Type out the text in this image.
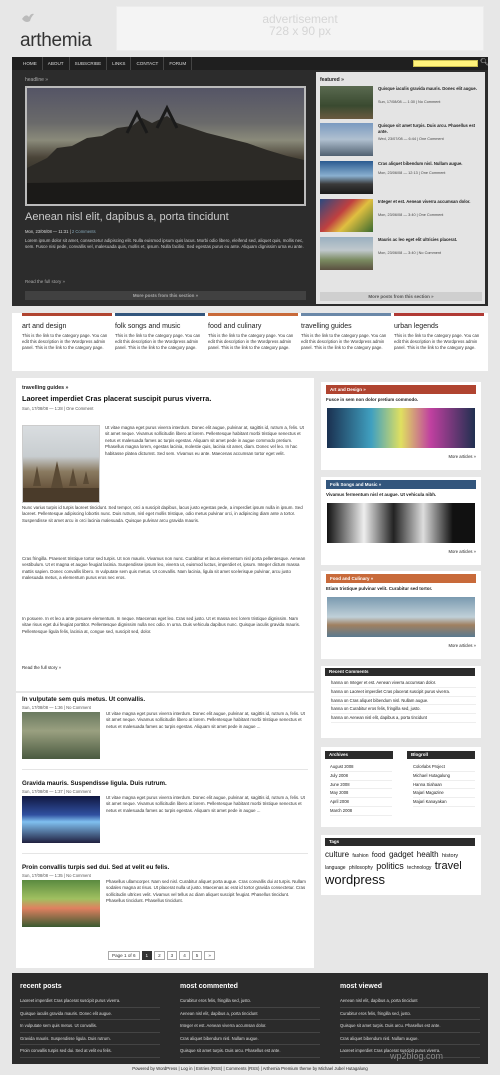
arthemia
advertisement
728 x 90 px
HOME	ABOUT	SUBSCRIBE	LINKS	CONTACT	FORUM	🔍︎
headline »
Aenean nisl elit, dapibus a, porta tincidunt
Mon, 23/06/08 — 11:31 | 2 Comments
Lorem ipsum dolor sit amet, consectetur adipiscing elit. Nulla euismod ipsum quis lacus. Morbi odio libero, eleifend sed, aliquet quis, mollis nec, sem. Fusce nisi pede, convallis vel, malesuada quis, mollis et, ipsum. Nulla facilisi. Sed egestas purus eu ante. Aliquam dignissim urna eu ante.
Read the full story »
More posts from this section »
featured »
Quisque iaculis gravida mauris. Donec elit augue.
Sun, 17/08/08 — 1:30 | No Comment
Quisque sit amet turpis. Duis arcu. Phasellus est ante.
Wed, 23/07/08 — 6:44 | One Comment
Cras aliquet bibendum nisl. Nullam augue.
Mon, 23/06/08 — 12:13 | One Comment
Integer et est. Aenean viverra accumsan dolor.
Mon, 23/06/08 — 3:40 | One Comment
Mauris ac leo eget elit ultricies placerat.
Mon, 23/06/08 — 3:40 | No Comment
More posts from this section »
art and design
This is the link to the category page. You can edit this description in the Wordpress admin panel. This is the link to the category page.
folk songs and music
This is the link to the category page. You can edit this description in the Wordpress admin panel. This is the link to the category page.
food and culinary
This is the link to the category page. You can edit this description in the Wordpress admin panel. This is the link to the category page.
travelling guides
This is the link to the category page. You can edit this description in the Wordpress admin panel. This is the link to the category page.
urban legends
This is the link to the category page. You can edit this description in the Wordpress admin panel. This is the link to the category page.
travelling guides »
Laoreet imperdiet Cras placerat suscipit purus viverra.
Sun, 17/08/08 — 1:28 | One Comment
Ut vitae magna eget purus viverra interdum. Donec elit augue, pulvinar at, sagittis id, rutrum a, felis. Ut sit amet neque. Vivamus sollicitudin libero at lorem. Pellentesque habitant morbi tristique senectus et netus et malesuada fames ac turpis egestas. Aliquam sit amet pede in augue commodo pretium. Phasellus magna lorem, egestas lacinia, molestie quis, lacinia sit amet, diam. Donec vel leo. In hac habitasse platea dictumst. Sed sem. Vivamus eu ante. Maecenas accumsan tortor eget velit.
Nunc varius turpis id turpis laoreet tincidunt. Sed tempor, orci a suscipit dapibus, lacus justo egestas pede, a imperdiet ipsum nulla in ipsum. Sed laoreet. Pellentesque adipiscing lobortis nunc. Duis rutrum, nisl eget mollis tristique, odio metus pulvinar orci, in adipiscing diam ante a tortor. Suspendisse sit amet arcu in orci lacinia malesuada. Quisque pulvinar arcu gravida mauris.
Cras fringilla. Praesent tristique tortor sed turpis. Ut non mauris. Vivamus non nunc. Curabitur et lacus elementum nisl porta pellentesque. Aenean vestibulum. Ut et magna et augue feugiat lacinia. Suspendisse ipsum leo, viverra ut, euismod luctus, imperdiet et, ipsum. Integer dictum massa mattis sapien. Donec convallis libero. In vulputate sem quis metus. Ut convallis. Nam lacinia, ligula sit amet scelerisque pulvinar, arcu justo malesuada metus, a elementum purus eros nec eros.
In posuere. In et leo a ante posuere elementum. In neque. Maecenas eget leo. Cras sed justo. Ut et massa nec lorem tristique dignissim. Nam vitae risus eget dui feugiat porttitor. Pellentesque dignissim nulla nec odio. In urna. Duis vehicula dapibus nunc. Quisque iaculis gravida mauris. Pellentesque ligula felis, lacinia at, congue sed, suscipit sed, dolor.
Read the full story »
In vulputate sem quis metus. Ut convallis.
Sun, 17/08/08 — 1:36 | No Comment
Ut vitae magna eget purus viverra interdum. Donec elit augue, pulvinar at, sagittis id, rutrum a, felis. Ut sit amet neque. Vivamus sollicitudin libero at lorem. Pellentesque habitant morbi tristique senectus et netus et malesuada fames ac turpis egestas. Aliquam sit amet pede in augue ...
Gravida mauris. Suspendisse ligula. Duis rutrum.
Sun, 17/08/08 — 1:37 | No Comment
Ut vitae magna eget purus viverra interdum. Donec elit augue, pulvinar at, sagittis id, rutrum a, felis. Ut sit amet neque. Vivamus sollicitudin libero at lorem. Pellentesque habitant morbi tristique senectus et netus et malesuada fames ac turpis egestas. Aliquam sit amet pede in augue ...
Proin convallis turpis sed dui. Sed at velit eu felis.
Sun, 17/08/08 — 1:35 | No Comment
Phasellus ullamcorper. Nam sed nisl. Curabitur aliquet porta augue. Cras convallis dui at turpis. Nullam sodales magna at risus. Ut placerat nulla ut justo. Maecenas ac erat id tortor gravida consectetur. Cras sollicitudin ultrices velit. Vivamus vel tellus ac diam aliquet suscipit feugiat. Phasellus tincidunt. Phasellus tincidunt. Phasellus tincidunt.
Page 1 of 6	1	2	3	4	5	»
Art and Design »
Fusce in sem non dolor pretium commodo.
More articles »
Folk Songs and Music »
Vivamus fermentum nisl et augue. Ut vehicula nibh.
More articles »
Food and Culinary »
Etiam tristique pulvinar velit. Curabitur sed tortor.
More articles »
Recent Comments
hanna on Integer et est. Aenean viverra accumsan dolor.
hanna on Laoreet imperdiet Cras placerat suscipit purus viverra.
hanna on Cras aliquet bibendum nisl. Nullam augue.
hanna on Curabitur eros felis, fringilla sed, justo.
hanna on Aenean nisl elit, dapibus a, porta tincidunt
Archives	Blogroll
August 2008
July 2008
June 2008
May 2008
April 2008
March 2008
Colorlabs Project
Michael Hutagalung
Hanna Siahaan
Majari Magazine
Majari Kanayakan
Tags
culture fashion food gadget health history language philosophy politics technology travel wordpress
recent posts
Laoreet imperdiet Cras placerat suscipit purus viverra.
Quisque iaculis gravida mauris. Donec elit augue.
In vulputate sem quis metus. Ut convallis.
Gravida mauris. Suspendisse ligula. Duis rutrum.
Proin convallis turpis sed dui. Sed at velit eu felis.
most commented
Curabitur eros felis, fringilla sed, justo.
Aenean nisl elit, dapibus a, porta tincidunt
Integer et est. Aenean viverra accumsan dolor.
Cras aliquet bibendum nisl. Nullam augue.
Quisque sit amet turpis. Duis arcu. Phasellus est ante.
most viewed
Aenean nisl elit, dapibus a, porta tincidunt
Curabitur eros felis, fringilla sed, justo.
Quisque sit amet turpis. Duis arcu. Phasellus est ante.
Cras aliquet bibendum nisl. Nullam augue.
Laoreet imperdiet Cras placerat suscipit purus viverra.
Powered by WordPress | Log in | Entries (RSS) | Comments (RSS) | Arthemia Premium theme by Michael Jubel Hutagalung
wp2blog.com
